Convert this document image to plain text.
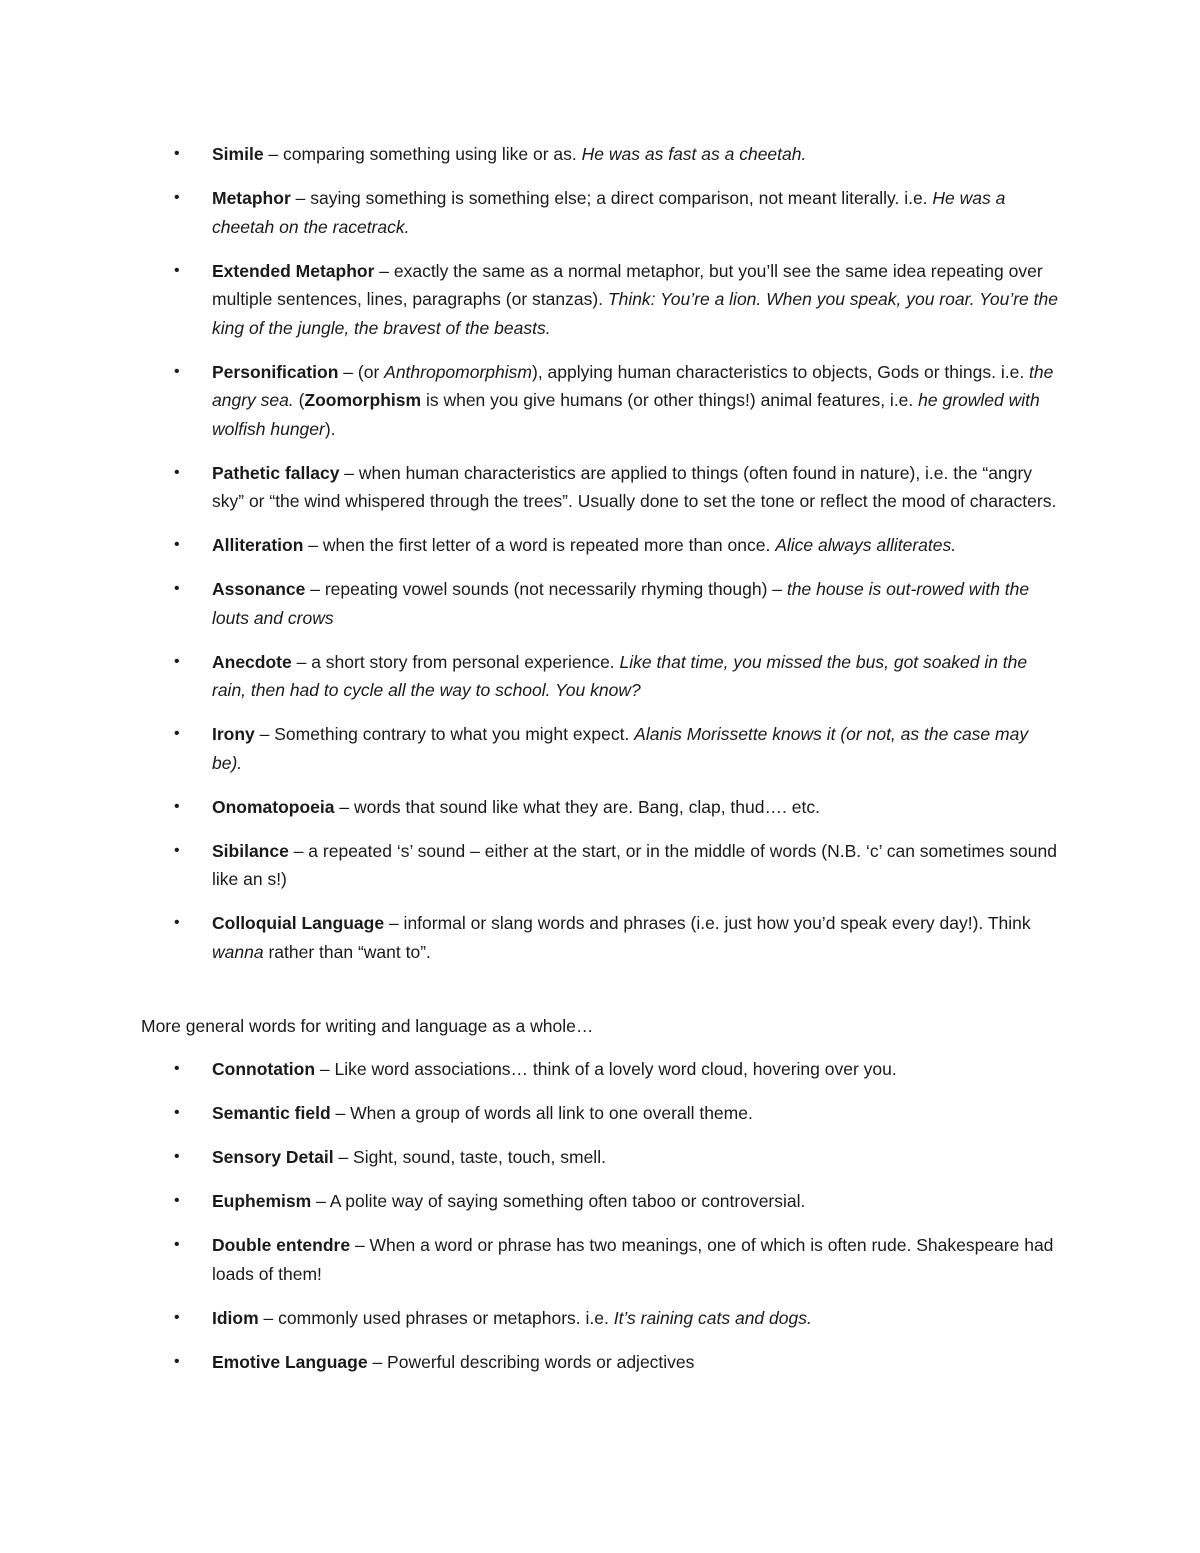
• Simile – comparing something using like or as. He was as fast as a cheetah.
• Metaphor – saying something is something else; a direct comparison, not meant literally. i.e. He was a cheetah on the racetrack.
• Extended Metaphor – exactly the same as a normal metaphor, but you’ll see the same idea repeating over multiple sentences, lines, paragraphs (or stanzas). Think: You’re a lion. When you speak, you roar. You’re the king of the jungle, the bravest of the beasts.
• Personification – (or Anthropomorphism), applying human characteristics to objects, Gods or things. i.e. the angry sea. (Zoomorphism is when you give humans (or other things!) animal features, i.e. he growled with wolfish hunger).
• Pathetic fallacy – when human characteristics are applied to things (often found in nature), i.e. the “angry sky” or “the wind whispered through the trees”. Usually done to set the tone or reflect the mood of characters.
• Alliteration – when the first letter of a word is repeated more than once. Alice always alliterates.
• Assonance – repeating vowel sounds (not necessarily rhyming though) – the house is out-rowed with the louts and crows
• Anecdote – a short story from personal experience. Like that time, you missed the bus, got soaked in the rain, then had to cycle all the way to school. You know?
• Irony – Something contrary to what you might expect. Alanis Morissette knows it (or not, as the case may be).
• Onomatopoeia – words that sound like what they are. Bang, clap, thud…. etc.
• Sibilance – a repeated ‘s’ sound – either at the start, or in the middle of words (N.B. ‘c’ can sometimes sound like an s!)
• Colloquial Language – informal or slang words and phrases (i.e. just how you’d speak every day!). Think wanna rather than “want to”.

More general words for writing and language as a whole…

• Connotation – Like word associations… think of a lovely word cloud, hovering over you.
• Semantic field – When a group of words all link to one overall theme.
• Sensory Detail – Sight, sound, taste, touch, smell.
• Euphemism – A polite way of saying something often taboo or controversial.
• Double entendre – When a word or phrase has two meanings, one of which is often rude. Shakespeare had loads of them!
• Idiom – commonly used phrases or metaphors. i.e. It’s raining cats and dogs.
• Emotive Language – Powerful describing words or adjectives
